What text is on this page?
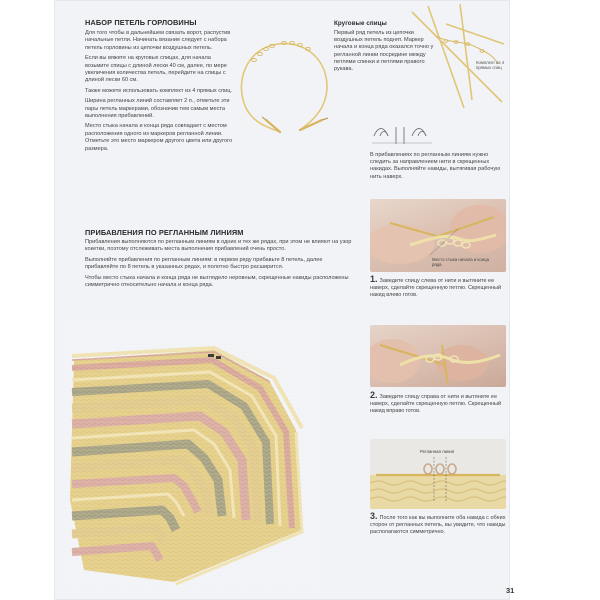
НАБОР ПЕТЕЛЬ ГОРЛОВИНЫ

Для того чтобы в дальнейшем связать ворот, распустив начальные петли. Начинать вязание следует с набора петель горловины из цепочки воздушных петель.

Если вы вяжете на круговых спицах, для начала возьмите спицы с длиной лески 40 см, далее, по мере увеличения количества петель, перейдите на спицы с длиной лески 60 см.

Также можете использовать комплект из 4 прямых спиц.

Ширина регланных линий составляет 2 п., отметьте эти пары петель маркерами, обозначив тем самым места выполнения прибавлений.

Место стыка начала и конца ряда совпадает с местом расположения одного из маркеров регланной линии. Отметьте это место маркером другого цвета или другого размера.

ПРИБАВЛЕНИЯ ПО РЕГЛАННЫМ ЛИНИЯМ

Прибавления выполняются по регланным линиям в одних и тех же рядах, при этом не влияют на узор кокетки, поэтому отслеживать места выполнения прибавлений очень просто.

Выполняйте прибавления по регланным линиям: в первом ряду прибавьте 8 петель, далее прибавляйте по 8 петель в указанных рядах, и полотно быстро расширится.

Чтобы место стыка начала и конца ряда не выглядело неровным, скрещенные накиды расположены симметрично относительно начала и конца ряда.

Круговые спицы

Первый ряд петель из цепочки воздушных петель поднят. Маркер начала и конца ряда оказался точно у регланной линии посредине между петлями спинки и петлями правого рукава.

Комплект из 4 прямых спиц

В прибавлениях по регланным линиям нужно следить за направлением нити в скрещенных накидах. Выполняйте накиды, вытягивая рабочую нить наверх.

Место стыка начала и конца ряда

1. Заведите спицу слева от нити и вытяните ее наверх, сделайте скрещенную петлю. Скрещенный накид влево готов.

2. Заведите спицу справа от нити и вытяните ее наверх, сделайте скрещенную петлю. Скрещенный накид вправо готов.

Регланная линия

3. После того как вы выполните оба накида с обеих сторон от регланных петель, вы увидите, что накиды располагаются симметрично.

31
